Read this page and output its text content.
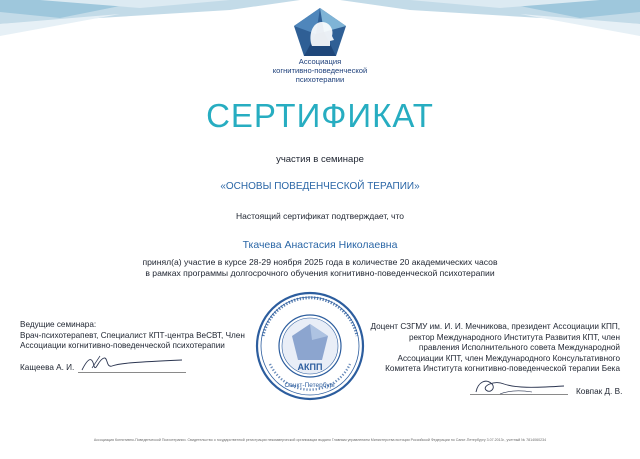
Ассоциация
когнитивно-поведенческой
психотерапии
СЕРТИФИКАТ
участия в семинаре
«ОСНОВЫ ПОВЕДЕНЧЕСКОЙ ТЕРАПИИ»
Настоящий сертификат подтверждает, что
Ткачева Анастасия Николаевна
принял(а) участие в курсе 28-29 ноября 2025 года в количестве 20 академических часов
в рамках программы долгосрочного обучения когнитивно-поведенческой психотерапии
Ведущие семинара:
Врач-психотерапевт, Специалист КПТ-центра ВеСВТ, Член
Ассоциации когнитивно-поведенческой психотерапии
Кащеева А. И.	АКПП
Санкт-Петербург
Доцент СЗГМУ им. И. И. Мечникова, президент Ассоциации КПП,
ректор Международного Института Развития КПТ, член
правления Исполнительного совета Международной
Ассоциации КПТ, член Международного Консультативного
Комитета Института когнитивно-поведенческой терапии Бека
Ковпак Д. В.
Ассоциация Когнитивно-Поведенческой Психотерапии. Свидетельство о государственной регистрации некоммерческой организации выдано Главным управлением Министерства юстиции Российской Федерации по Санкт-Петербургу 3.07.2013г., учетный № 7814060234
